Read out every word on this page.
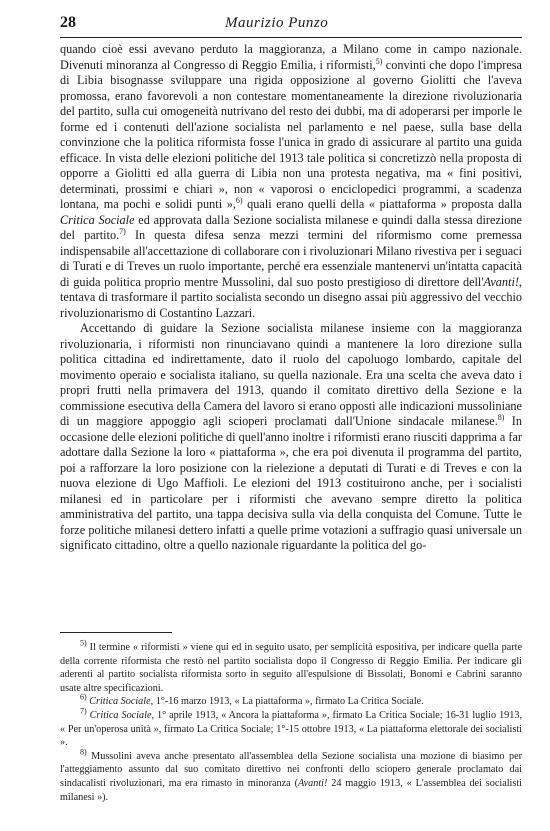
28	Maurizio Punzo

quando cioè essi avevano perduto la maggioranza, a Milano come in campo nazionale. Divenuti minoranza al Congresso di Reggio Emilia, i riformisti,$^{5)}$ convinti che dopo l'impresa di Libia bisognasse sviluppare una rigida opposizione al governo Giolitti che l'aveva promossa, erano favorevoli a non contestare momentaneamente la direzione rivoluzionaria del partito, sulla cui omogeneità nutrivano del resto dei dubbi, ma di adoperarsi per imporle le forme ed i contenuti dell'azione socialista nel parlamento e nel paese, sulla base della convinzione che la politica riformista fosse l'unica in grado di assicurare al partito una guida efficace. In vista delle elezioni politiche del 1913 tale politica si concretizzò nella proposta di opporre a Giolitti ed alla guerra di Libia non una protesta negativa, ma « fini positivi, determinati, prossimi e chiari », non « vaporosi o enciclopedici programmi, a scadenza lontana, ma pochi e solidi punti »,$^{6)}$ quali erano quelli della « piattaforma » proposta dalla Critica Sociale ed approvata dalla Sezione socialista milanese e quindi dalla stessa direzione del partito.$^{7)}$ In questa difesa senza mezzi termini del riformismo come premessa indispensabile all'accettazione di collaborare con i rivoluzionari Milano rivestiva per i seguaci di Turati e di Treves un ruolo importante, perché era essenziale mantenervi un'intatta capacità di guida politica proprio mentre Mussolini, dal suo posto prestigioso di direttore dell'Avanti!, tentava di trasformare il partito socialista secondo un disegno assai più aggressivo del vecchio rivoluzionarismo di Costantino Lazzari.

Accettando di guidare la Sezione socialista milanese insieme con la maggioranza rivoluzionaria, i riformisti non rinunciavano quindi a mantenere la loro direzione sulla politica cittadina ed indirettamente, dato il ruolo del capoluogo lombardo, capitale del movimento operaio e socialista italiano, su quella nazionale. Era una scelta che aveva dato i propri frutti nella primavera del 1913, quando il comitato direttivo della Sezione e la commissione esecutiva della Camera del lavoro si erano opposti alle indicazioni mussoliniane di un maggiore appoggio agli scioperi proclamati dall'Unione sindacale milanese.$^{8)}$ In occasione delle elezioni politiche di quell'anno inoltre i riformisti erano riusciti dapprima a far adottare dalla Sezione la loro « piattaforma », che era poi divenuta il programma del partito, poi a rafforzare la loro posizione con la rielezione a deputati di Turati e di Treves e con la nuova elezione di Ugo Maffioli. Le elezioni del 1913 costituirono anche, per i socialisti milanesi ed in particolare per i riformisti che avevano sempre diretto la politica amministrativa del partito, una tappa decisiva sulla via della conquista del Comune. Tutte le forze politiche milanesi dettero infatti a quelle prime votazioni a suffragio quasi universale un significato cittadino, oltre a quello nazionale riguardante la politica del go-

$^{5)}$ Il termine « riformisti » viene qui ed in seguito usato, per semplicità espositiva, per indicare quella parte della corrente riformista che restò nel partito socialista dopo il Congresso di Reggio Emilia. Per indicare gli aderenti al partito socialista riformista sorto in seguito all'espulsione di Bissolati, Bonomi e Cabrini saranno usate altre specificazioni.

$^{6)}$ Critica Sociale, 1°-16 marzo 1913, « La piattaforma », firmato La Critica Sociale.

$^{7)}$ Critica Sociale, 1° aprile 1913, « Ancora la piattaforma », firmato La Critica Sociale; 16-31 luglio 1913, « Per un'operosa unità », firmato La Critica Sociale; 1°-15 ottobre 1913, « La piattaforma elettorale dei socialisti ».

$^{8)}$ Mussolini aveva anche presentato all'assemblea della Sezione socialista una mozione di biasimo per l'atteggiamento assunto dal suo comitato direttivo nei confronti dello sciopero generale proclamato dai sindacalisti rivoluzionari, ma era rimasto in minoranza (Avanti! 24 maggio 1913, « L'assemblea dei socialisti milanesi »).
